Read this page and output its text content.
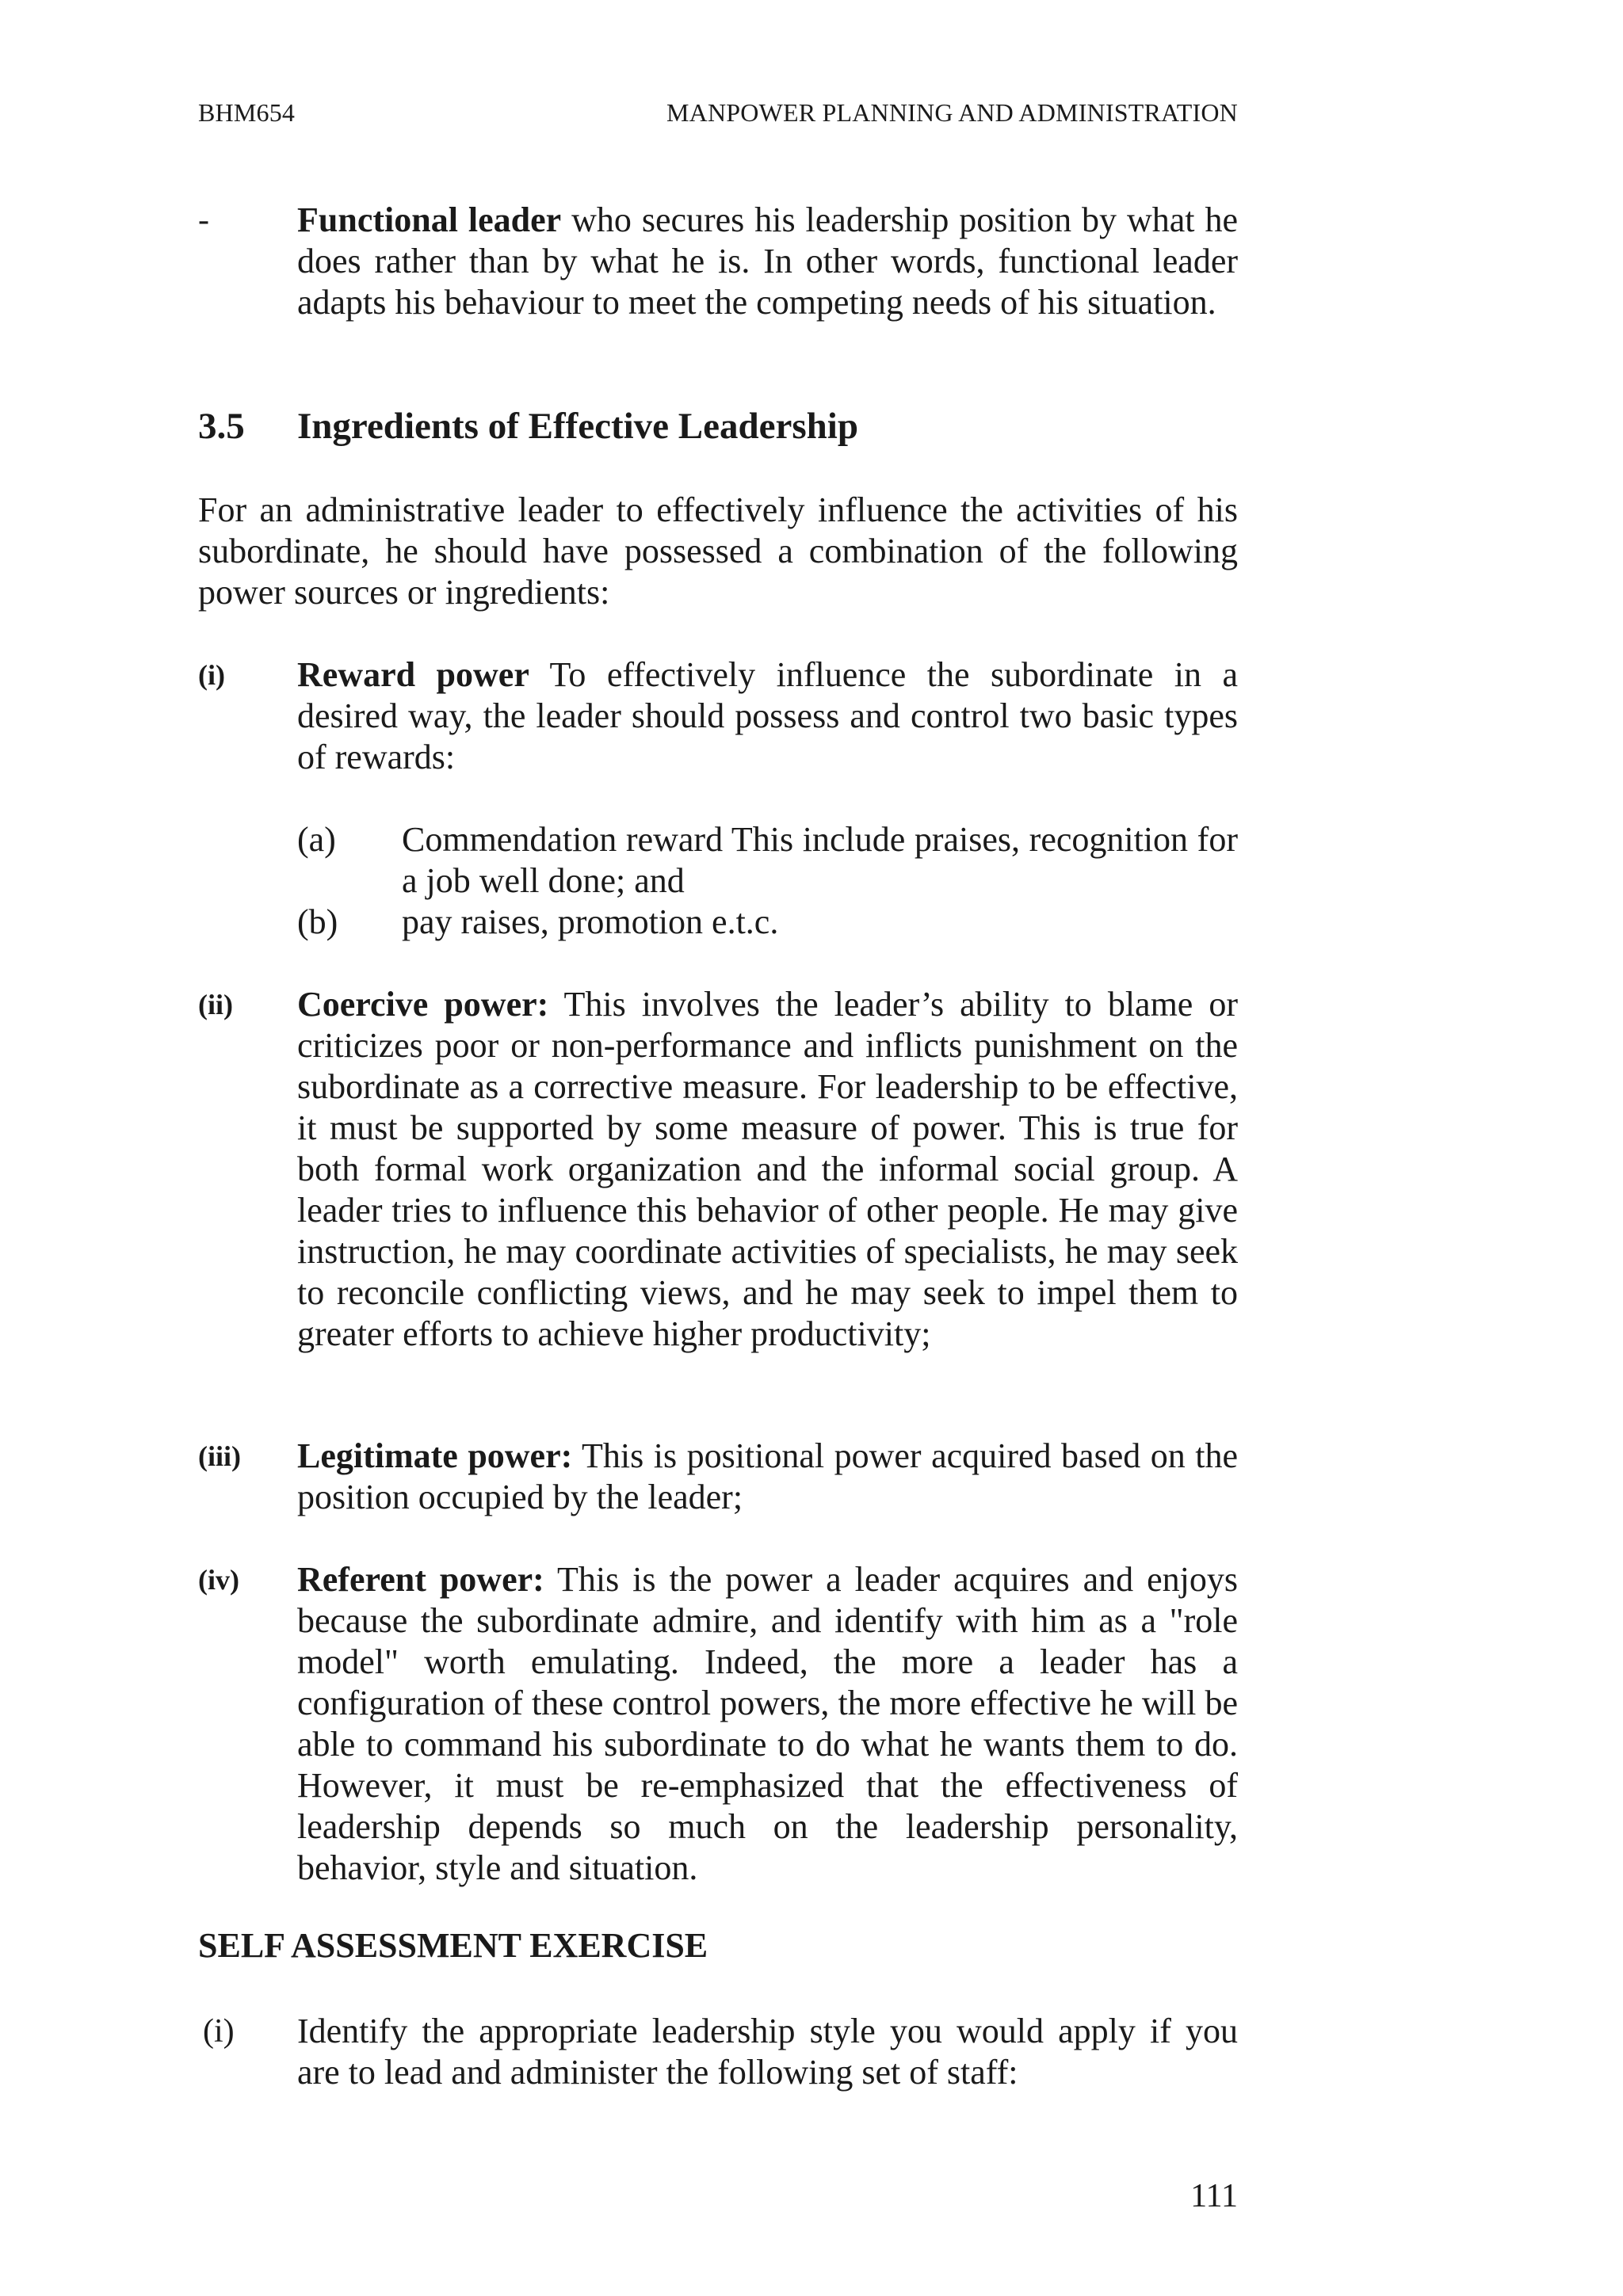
BHM654	MANPOWER PLANNING AND ADMINISTRATION
-	Functional leader who secures his leadership position by what he does rather than by what he is. In other words, functional leader adapts his behaviour to meet the competing needs of his situation.
3.5 Ingredients of Effective Leadership
For an administrative leader to effectively influence the activities of his subordinate, he should have possessed a combination of the following power sources or ingredients:
(i) Reward power To effectively influence the subordinate in a desired way, the leader should possess and control two basic types of rewards:
(a) Commendation reward This include praises, recognition for a job well done; and
(b) pay raises, promotion e.t.c.
(ii) Coercive power: This involves the leader’s ability to blame or criticizes poor or non-performance and inflicts punishment on the subordinate as a corrective measure. For leadership to be effective, it must be supported by some measure of power. This is true for both formal work organization and the informal social group. A leader tries to influence this behavior of other people. He may give instruction, he may coordinate activities of specialists, he may seek to reconcile conflicting views, and he may seek to impel them to greater efforts to achieve higher productivity;
(iii) Legitimate power: This is positional power acquired based on the position occupied by the leader;
(iv) Referent power: This is the power a leader acquires and enjoys because the subordinate admire, and identify with him as a "role model" worth emulating. Indeed, the more a leader has a configuration of these control powers, the more effective he will be able to command his subordinate to do what he wants them to do. However, it must be re-emphasized that the effectiveness of leadership depends so much on the leadership personality, behavior, style and situation.
SELF ASSESSMENT EXERCISE
(i) Identify the appropriate leadership style you would apply if you are to lead and administer the following set of staff:
111
